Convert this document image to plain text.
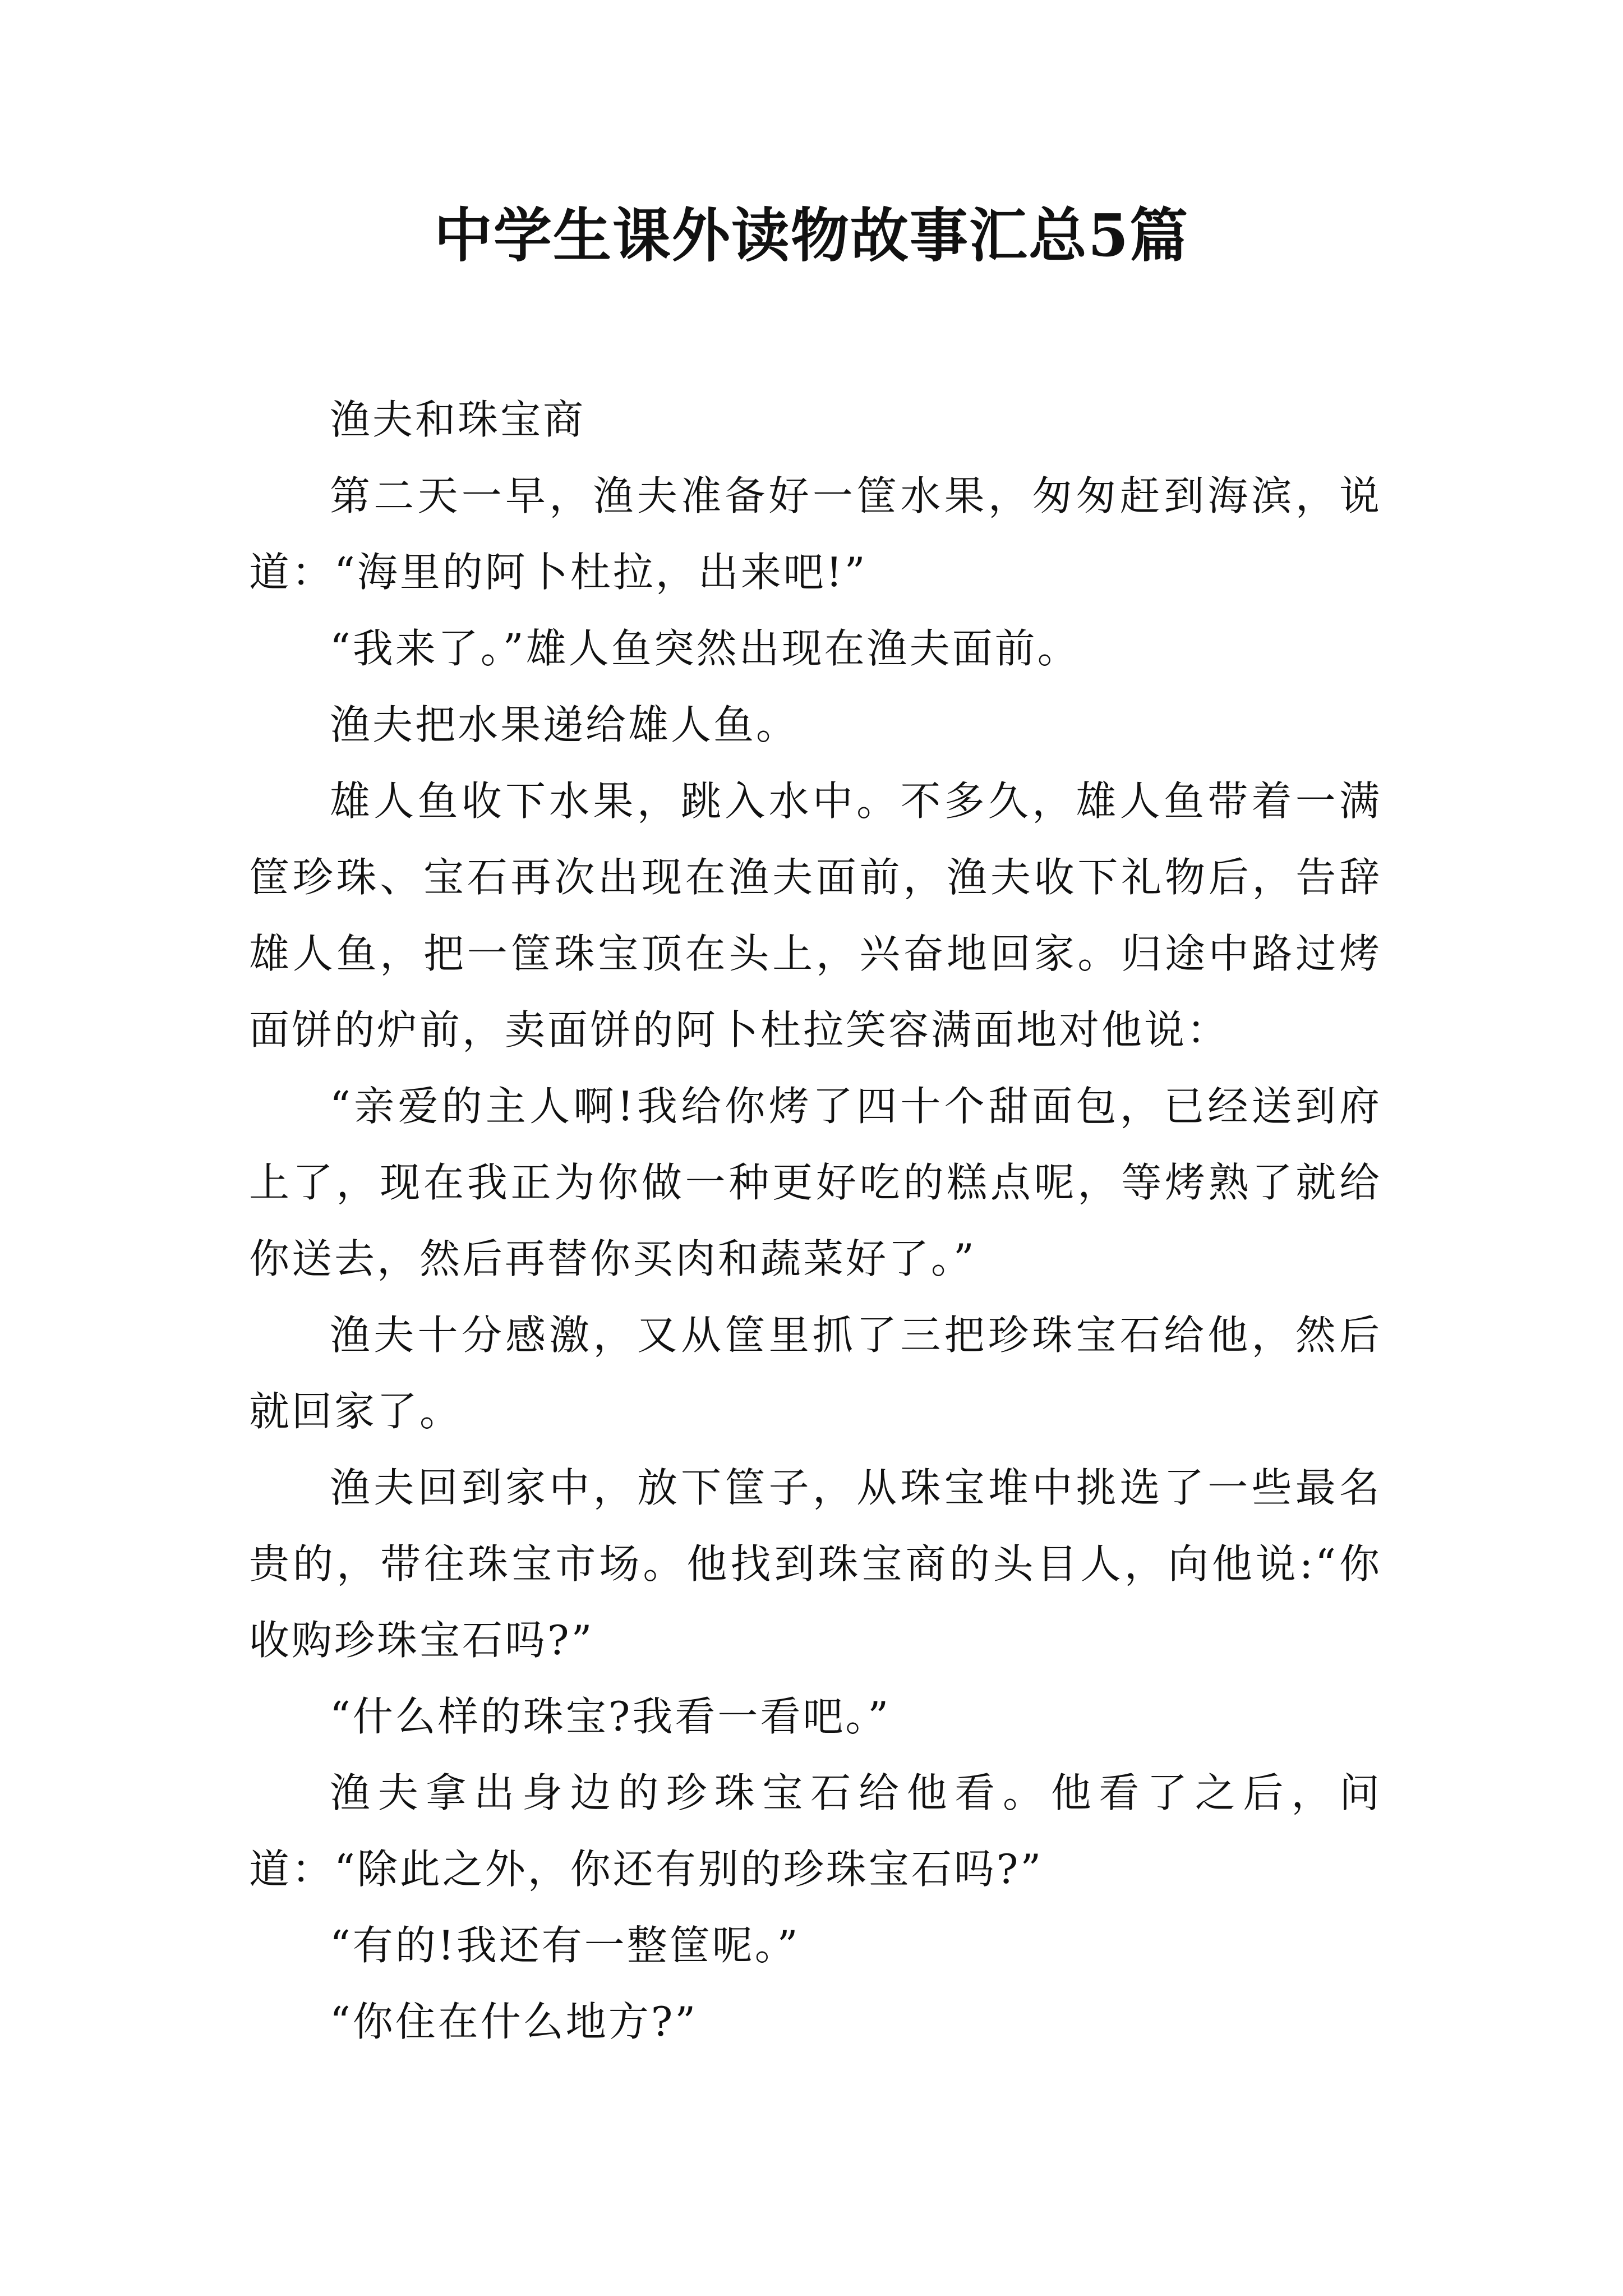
中学生课外读物故事汇总5篇

渔夫和珠宝商

第二天一早，渔夫准备好一筐水果，匆匆赶到海滨，说道：“海里的阿卜杜拉，出来吧!”

“我来了。”雄人鱼突然出现在渔夫面前。

渔夫把水果递给雄人鱼。

雄人鱼收下水果，跳入水中。不多久，雄人鱼带着一满筐珍珠、宝石再次出现在渔夫面前，渔夫收下礼物后，告辞雄人鱼，把一筐珠宝顶在头上，兴奋地回家。归途中路过烤面饼的炉前，卖面饼的阿卜杜拉笑容满面地对他说：

“亲爱的主人啊!我给你烤了四十个甜面包，已经送到府上了，现在我正为你做一种更好吃的糕点呢，等烤熟了就给你送去，然后再替你买肉和蔬菜好了。”

渔夫十分感激，又从筐里抓了三把珍珠宝石给他，然后就回家了。

渔夫回到家中，放下筐子，从珠宝堆中挑选了一些最名贵的，带往珠宝市场。他找到珠宝商的头目人，向他说:“你收购珍珠宝石吗?”

“什么样的珠宝?我看一看吧。”

渔夫拿出身边的珍珠宝石给他看。他看了之后，问道：“除此之外，你还有别的珍珠宝石吗?”

“有的!我还有一整筐呢。”

“你住在什么地方?”
